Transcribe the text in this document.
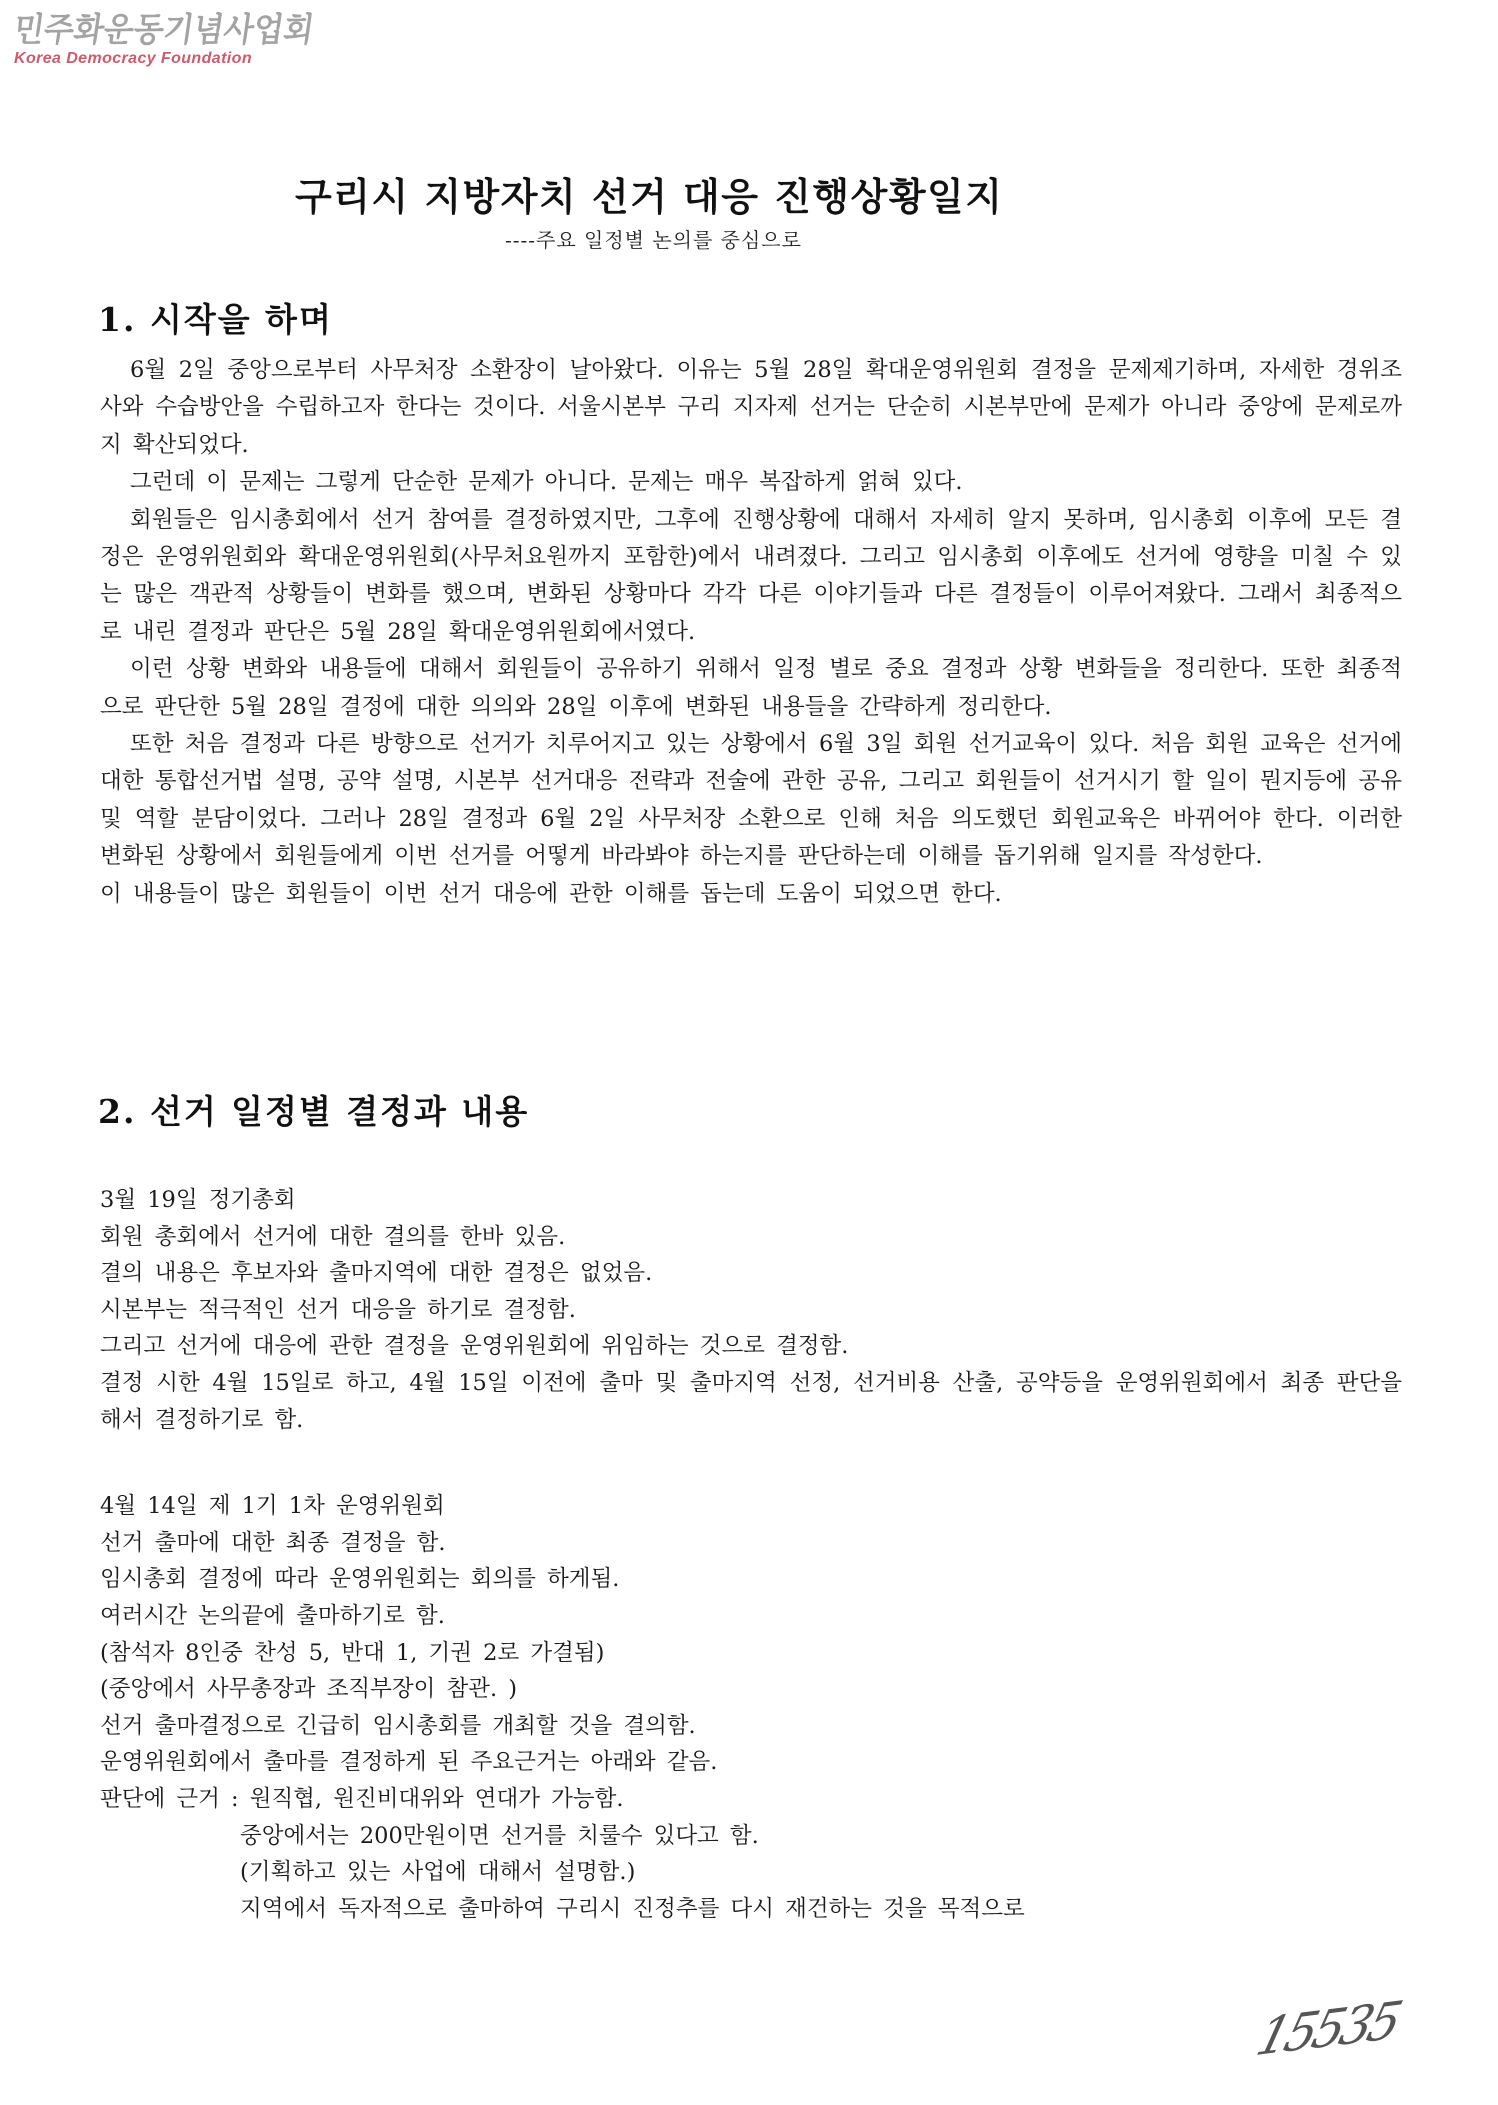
민주화운동기념사업회
Korea Democracy Foundation
구리시 지방자치 선거 대응 진행상황일지
----주요 일정별 논의를 중심으로
1. 시작을 하며

6월 2일 중앙으로부터 사무처장 소환장이 날아왔다. 이유는 5월 28일 확대운영위원회 결정을 문제제기하며, 자세한 경위조사와 수습방안을 수립하고자 한다는 것이다. 서울시본부 구리 지자제 선거는 단순히 시본부만에 문제가 아니라 중앙에 문제로까지 확산되었다.

그런데 이 문제는 그렇게 단순한 문제가 아니다. 문제는 매우 복잡하게 얽혀 있다.

회원들은 임시총회에서 선거 참여를 결정하였지만, 그후에 진행상황에 대해서 자세히 알지 못하며, 임시총회 이후에 모든 결정은 운영위원회와 확대운영위원회(사무처요원까지 포함한)에서 내려졌다. 그리고 임시총회 이후에도 선거에 영향을 미칠 수 있는 많은 객관적 상황들이 변화를 했으며, 변화된 상황마다 각각 다른 이야기들과 다른 결정들이 이루어져왔다. 그래서 최종적으로 내린 결정과 판단은 5월 28일 확대운영위원회에서였다.

이런 상황 변화와 내용들에 대해서 회원들이 공유하기 위해서 일정 별로 중요 결정과 상황 변화들을 정리한다. 또한 최종적으로 판단한 5월 28일 결정에 대한 의의와 28일 이후에 변화된 내용들을 간략하게 정리한다.

또한 처음 결정과 다른 방향으로 선거가 치루어지고 있는 상황에서 6월 3일 회원 선거교육이 있다. 처음 회원 교육은 선거에 대한 통합선거법 설명, 공약 설명, 시본부 선거대응 전략과 전술에 관한 공유, 그리고 회원들이 선거시기 할 일이 뭔지등에 공유및 역할 분담이었다. 그러나 28일 결정과 6월 2일 사무처장 소환으로 인해 처음 의도했던 회원교육은 바뀌어야 한다. 이러한 변화된 상황에서 회원들에게 이번 선거를 어떻게 바라봐야 하는지를 판단하는데 이해를 돕기위해 일지를 작성한다.

이 내용들이 많은 회원들이 이번 선거 대응에 관한 이해를 돕는데 도움이 되었으면 한다.

2. 선거 일정별 결정과 내용

3월 19일 정기총회

회원 총회에서 선거에 대한 결의를 한바 있음.

결의 내용은 후보자와 출마지역에 대한 결정은 없었음.

시본부는 적극적인 선거 대응을 하기로 결정함.

그리고 선거에 대응에 관한 결정을 운영위원회에 위임하는 것으로 결정함.

결정 시한 4월 15일로 하고, 4월 15일 이전에 출마 및 출마지역 선정, 선거비용 산출, 공약등을 운영위원회에서 최종 판단을 해서 결정하기로 함.

4월 14일 제 1기 1차 운영위원회

선거 출마에 대한 최종 결정을 함.

임시총회 결정에 따라 운영위원회는 회의를 하게됨.

여러시간 논의끝에 출마하기로 함.

(참석자 8인중 찬성 5, 반대 1, 기권 2로 가결됨)

(중앙에서 사무총장과 조직부장이 참관. )

선거 출마결정으로 긴급히 임시총회를 개최할 것을 결의함.

운영위원회에서 출마를 결정하게 된 주요근거는 아래와 같음.

판단에 근거 : 원직협, 원진비대위와 연대가 가능함.

중앙에서는 200만원이면 선거를 치룰수 있다고 함.

(기획하고 있는 사업에 대해서 설명함.)

지역에서 독자적으로 출마하여 구리시 진정추를 다시 재건하는 것을 목적으로

15535
